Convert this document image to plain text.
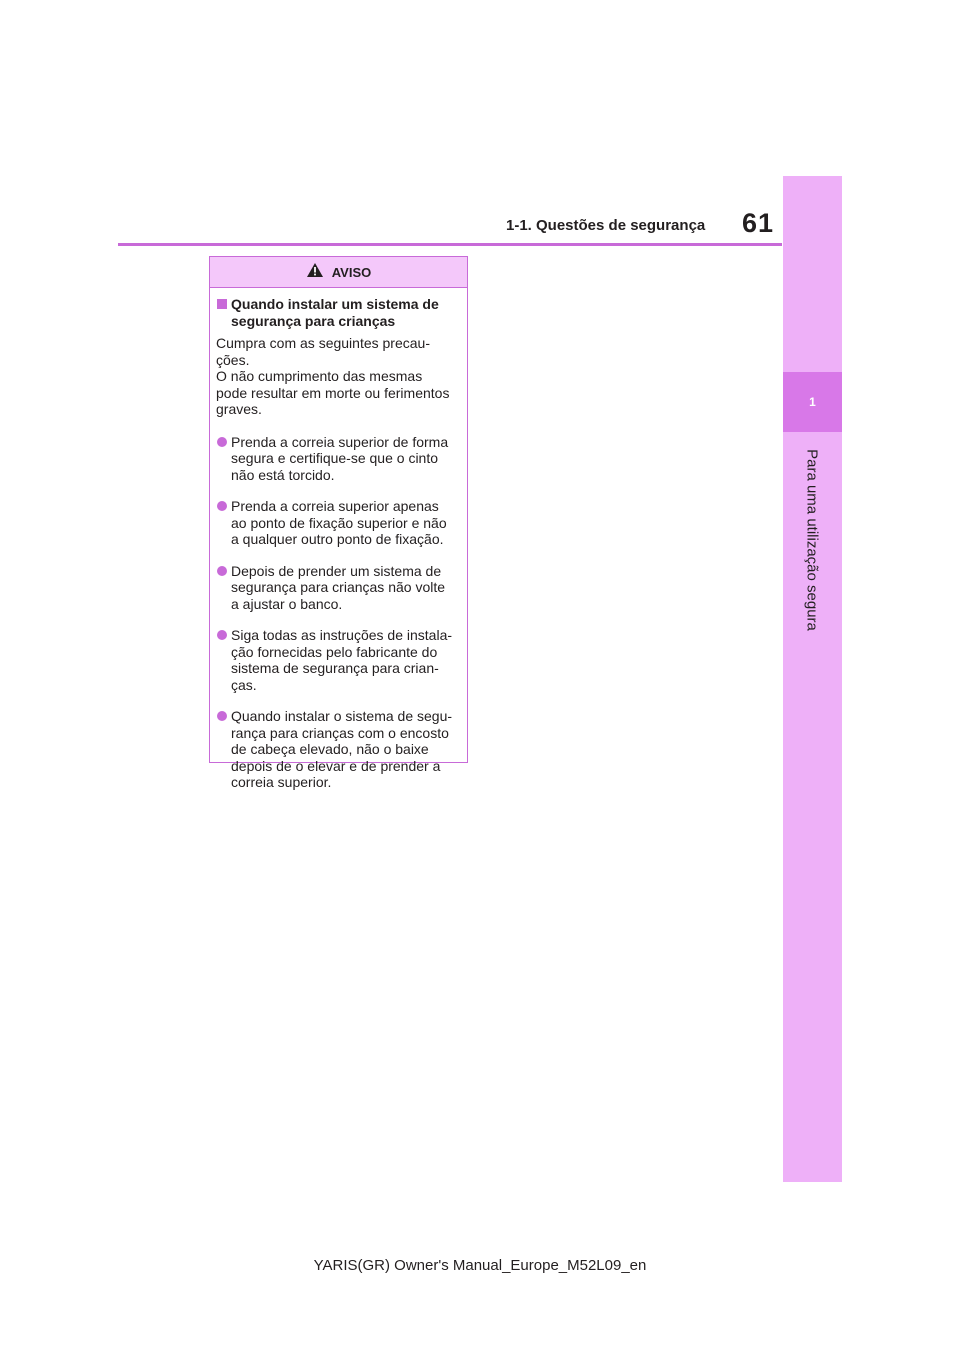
1
Para uma utilização segura
1-1. Questões de segurança	61
AVISO
Quando instalar um sistema de
segurança para crianças
Cumpra com as seguintes precau-
ções.
O não cumprimento das mesmas
pode resultar em morte ou ferimentos
graves.
Prenda a correia superior de forma
segura e certifique-se que o cinto
não está torcido.
Prenda a correia superior apenas
ao ponto de fixação superior e não
a qualquer outro ponto de fixação.
Depois de prender um sistema de
segurança para crianças não volte
a ajustar o banco.
Siga todas as instruções de instala-
ção fornecidas pelo fabricante do
sistema de segurança para crian-
ças.
Quando instalar o sistema de segu-
rança para crianças com o encosto
de cabeça elevado, não o baixe
depois de o elevar e de prender a
correia superior.
YARIS(GR) Owner's Manual_Europe_M52L09_en
